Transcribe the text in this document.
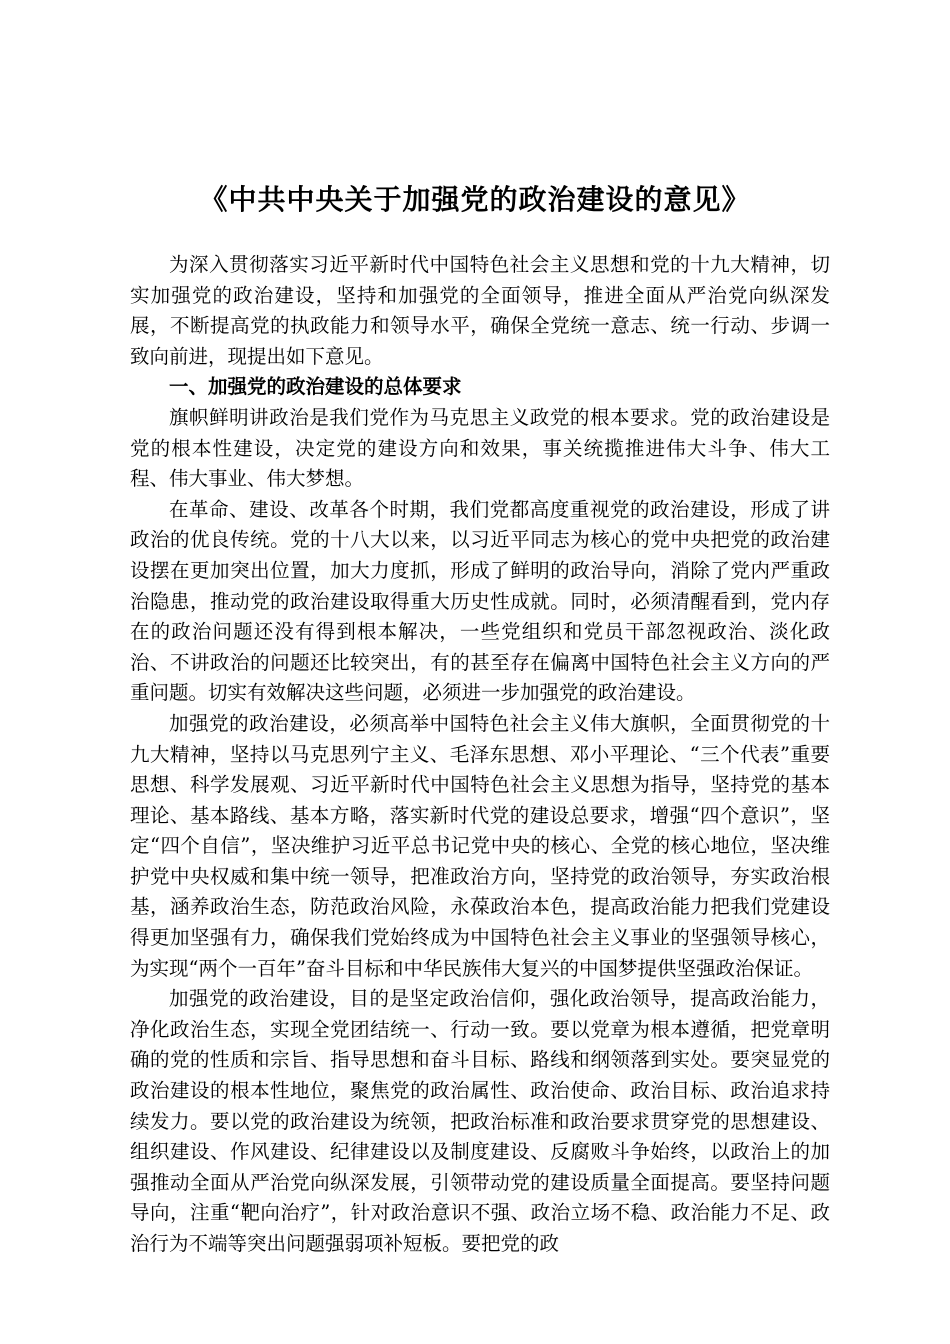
《中共中央关于加强党的政治建设的意见》

为深入贯彻落实习近平新时代中国特色社会主义思想和党的十九大精神，切实加强党的政治建设，坚持和加强党的全面领导，推进全面从严治党向纵深发展，不断提高党的执政能力和领导水平，确保全党统一意志、统一行动、步调一致向前进，现提出如下意见。

一、加强党的政治建设的总体要求

旗帜鲜明讲政治是我们党作为马克思主义政党的根本要求。党的政治建设是党的根本性建设，决定党的建设方向和效果，事关统揽推进伟大斗争、伟大工程、伟大事业、伟大梦想。

在革命、建设、改革各个时期，我们党都高度重视党的政治建设，形成了讲政治的优良传统。党的十八大以来，以习近平同志为核心的党中央把党的政治建设摆在更加突出位置，加大力度抓，形成了鲜明的政治导向，消除了党内严重政治隐患，推动党的政治建设取得重大历史性成就。同时，必须清醒看到，党内存在的政治问题还没有得到根本解决，一些党组织和党员干部忽视政治、淡化政治、不讲政治的问题还比较突出，有的甚至存在偏离中国特色社会主义方向的严重问题。切实有效解决这些问题，必须进一步加强党的政治建设。

加强党的政治建设，必须高举中国特色社会主义伟大旗帜，全面贯彻党的十九大精神，坚持以马克思列宁主义、毛泽东思想、邓小平理论、“三个代表”重要思想、科学发展观、习近平新时代中国特色社会主义思想为指导，坚持党的基本理论、基本路线、基本方略，落实新时代党的建设总要求，增强“四个意识”，坚定“四个自信”，坚决维护习近平总书记党中央的核心、全党的核心地位，坚决维护党中央权威和集中统一领导，把准政治方向，坚持党的政治领导，夯实政治根基，涵养政治生态，防范政治风险，永葆政治本色，提高政治能力把我们党建设得更加坚强有力，确保我们党始终成为中国特色社会主义事业的坚强领导核心，为实现“两个一百年”奋斗目标和中华民族伟大复兴的中国梦提供坚强政治保证。

加强党的政治建设，目的是坚定政治信仰，强化政治领导，提高政治能力，净化政治生态，实现全党团结统一、行动一致。要以党章为根本遵循，把党章明确的党的性质和宗旨、指导思想和奋斗目标、路线和纲领落到实处。要突显党的政治建设的根本性地位，聚焦党的政治属性、政治使命、政治目标、政治追求持续发力。要以党的政治建设为统领，把政治标准和政治要求贯穿党的思想建设、组织建设、作风建设、纪律建设以及制度建设、反腐败斗争始终，以政治上的加强推动全面从严治党向纵深发展，引领带动党的建设质量全面提高。要坚持问题导向，注重“靶向治疗”，针对政治意识不强、政治立场不稳、政治能力不足、政治行为不端等突出问题强弱项补短板。要把党的政
